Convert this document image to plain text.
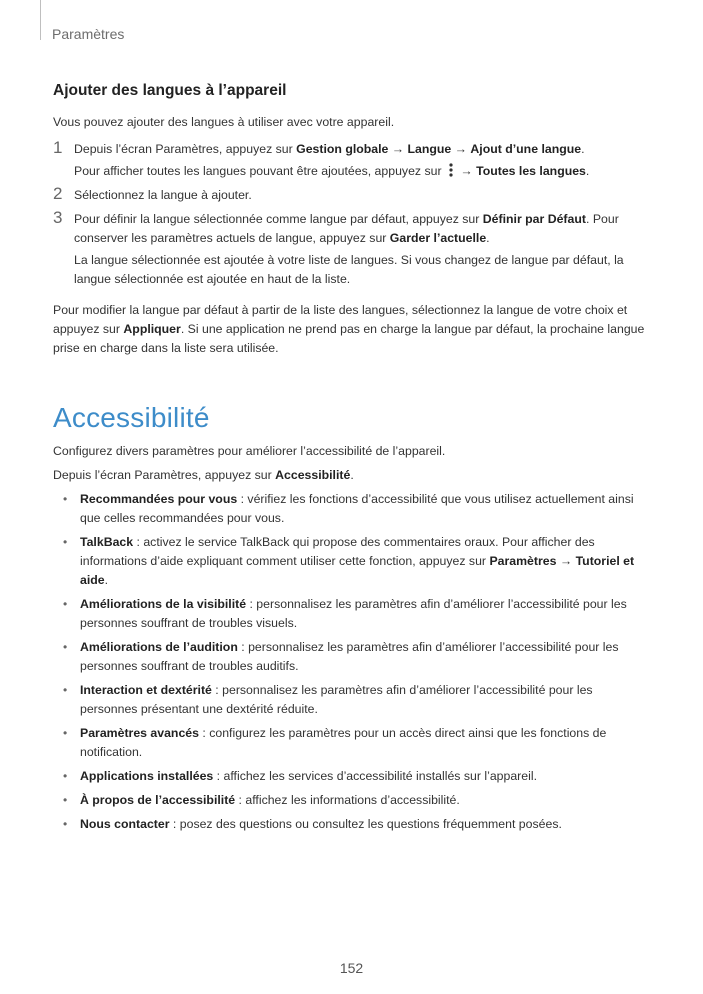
Paramètres
Ajouter des langues à l’appareil

Vous pouvez ajouter des langues à utiliser avec votre appareil.

1 Depuis l’écran Paramètres, appuyez sur Gestion globale → Langue → Ajout d’une langue.

Pour afficher toutes les langues pouvant être ajoutées, appuyez sur  → Toutes les langues.

2 Sélectionnez la langue à ajouter.

3 Pour définir la langue sélectionnée comme langue par défaut, appuyez sur Définir par Défaut. Pour conserver les paramètres actuels de langue, appuyez sur Garder l’actuelle.

La langue sélectionnée est ajoutée à votre liste de langues. Si vous changez de langue par défaut, la langue sélectionnée est ajoutée en haut de la liste.

Pour modifier la langue par défaut à partir de la liste des langues, sélectionnez la langue de votre choix et appuyez sur Appliquer. Si une application ne prend pas en charge la langue par défaut, la prochaine langue prise en charge dans la liste sera utilisée.

Accessibilité

Configurez divers paramètres pour améliorer l’accessibilité de l’appareil.

Depuis l’écran Paramètres, appuyez sur Accessibilité.

• Recommandées pour vous : vérifiez les fonctions d’accessibilité que vous utilisez actuellement ainsi que celles recommandées pour vous.
• TalkBack : activez le service TalkBack qui propose des commentaires oraux. Pour afficher des informations d’aide expliquant comment utiliser cette fonction, appuyez sur Paramètres → Tutoriel et aide.
• Améliorations de la visibilité : personnalisez les paramètres afin d’améliorer l’accessibilité pour les personnes souffrant de troubles visuels.
• Améliorations de l’audition : personnalisez les paramètres afin d’améliorer l’accessibilité pour les personnes souffrant de troubles auditifs.
• Interaction et dextérité : personnalisez les paramètres afin d’améliorer l’accessibilité pour les personnes présentant une dextérité réduite.
• Paramètres avancés : configurez les paramètres pour un accès direct ainsi que les fonctions de notification.
• Applications installées : affichez les services d’accessibilité installés sur l’appareil.
• À propos de l’accessibilité : affichez les informations d’accessibilité.
• Nous contacter : posez des questions ou consultez les questions fréquemment posées.
152
